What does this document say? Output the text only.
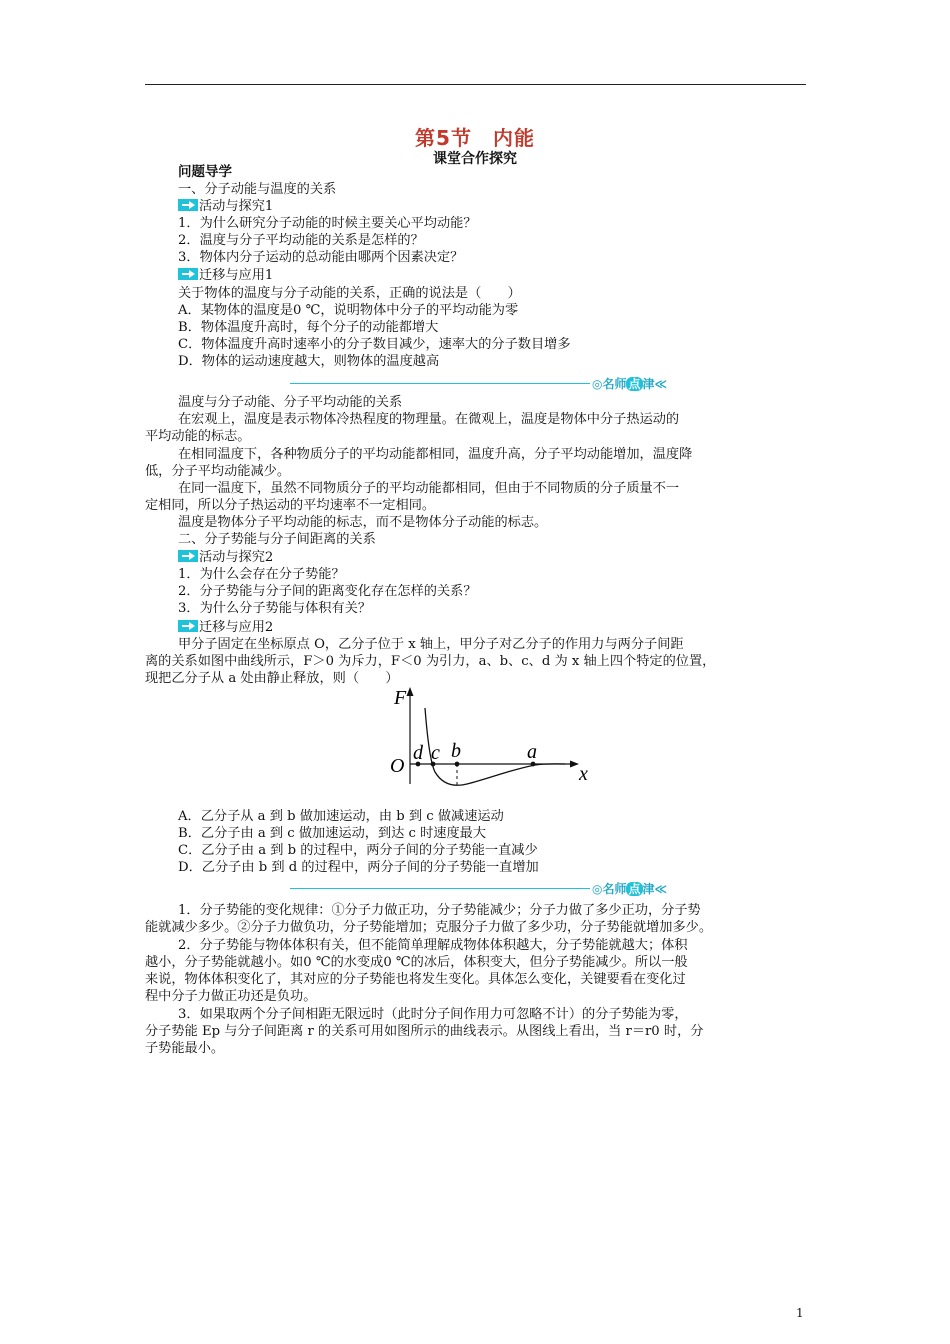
第5节　内能
课堂合作探究
问题导学
一、分子动能与温度的关系
活动与探究1
1．为什么研究分子动能的时候主要关心平均动能？
2．温度与分子平均动能的关系是怎样的？
3．物体内分子运动的总动能由哪两个因素决定？
迁移与应用1
关于物体的温度与分子动能的关系，正确的说法是（　　）
A．某物体的温度是0 ℃，说明物体中分子的平均动能为零
B．物体温度升高时，每个分子的动能都增大
C．物体温度升高时速率小的分子数目减少，速率大的分子数目增多
D．物体的运动速度越大，则物体的温度越高
◎名师 点 津≪
温度与分子动能、分子平均动能的关系
在宏观上，温度是表示物体冷热程度的物理量。在微观上，温度是物体中分子热运动的
平均动能的标志。
在相同温度下，各种物质分子的平均动能都相同，温度升高，分子平均动能增加，温度降
低，分子平均动能减少。
在同一温度下，虽然不同物质分子的平均动能都相同，但由于不同物质的分子质量不一
定相同，所以分子热运动的平均速率不一定相同。
温度是物体分子平均动能的标志，而不是物体分子动能的标志。
二、分子势能与分子间距离的关系
活动与探究2
1．为什么会存在分子势能？
2．分子势能与分子间的距离变化存在怎样的关系？
3．为什么分子势能与体积有关？
迁移与应用2
甲分子固定在坐标原点 O，乙分子位于 x 轴上，甲分子对乙分子的作用力与两分子间距
离的关系如图中曲线所示，F＞0 为斥力，F＜0 为引力，a、b、c、d 为 x 轴上四个特定的位置，
现把乙分子从 a 处由静止释放，则（　　）
F
O
d c b	a
x
A．乙分子从 a 到 b 做加速运动，由 b 到 c 做减速运动
B．乙分子由 a 到 c 做加速运动，到达 c 时速度最大
C．乙分子由 a 到 b 的过程中，两分子间的分子势能一直减少
D．乙分子由 b 到 d 的过程中，两分子间的分子势能一直增加
◎名师 点 津≪
1．分子势能的变化规律：①分子力做正功，分子势能减少；分子力做了多少正功，分子势
能就减少多少。②分子力做负功，分子势能增加；克服分子力做了多少功，分子势能就增加多少。
2．分子势能与物体体积有关，但不能简单理解成物体体积越大，分子势能就越大；体积
越小，分子势能就越小。如0 ℃的水变成0 ℃的冰后，体积变大，但分子势能减少。所以一般
来说，物体体积变化了，其对应的分子势能也将发生变化。具体怎么变化，关键要看在变化过
程中分子力做正功还是负功。
3．如果取两个分子间相距无限远时（此时分子间作用力可忽略不计）的分子势能为零，
分子势能 Ep 与分子间距离 r 的关系可用如图所示的曲线表示。从图线上看出，当 r＝r0 时，分
子势能最小。
1
